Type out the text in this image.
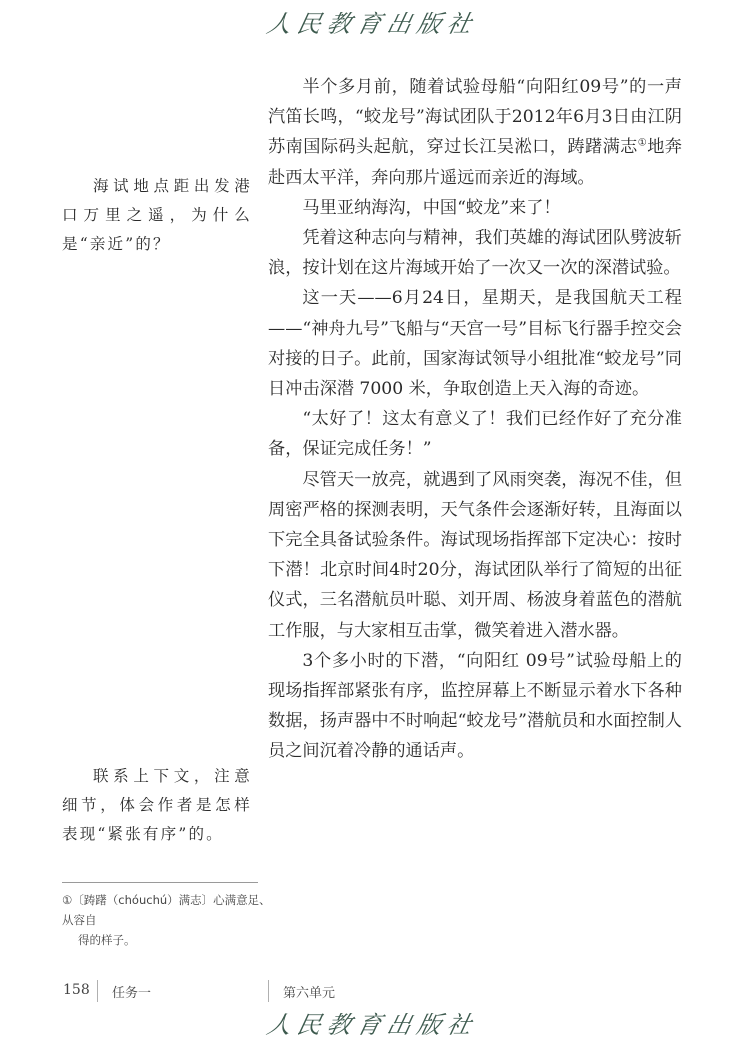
人民教育出版社

半个多月前，随着试验母船“向阳红09号”的一声汽笛长鸣，“蛟龙号”海试团队于2012年6月3日由江阴苏南国际码头起航，穿过长江吴淞口，踌躇满志①地奔赴西太平洋，奔向那片遥远而亲近的海域。

马里亚纳海沟，中国“蛟龙”来了！

凭着这种志向与精神，我们英雄的海试团队劈波斩浪，按计划在这片海域开始了一次又一次的深潜试验。

这一天——6月24日，星期天，是我国航天工程——“神舟九号”飞船与“天宫一号”目标飞行器手控交会对接的日子。此前，国家海试领导小组批准“蛟龙号”同日冲击深潜 7000 米，争取创造上天入海的奇迹。

“太好了！这太有意义了！我们已经作好了充分准备，保证完成任务！”

尽管天一放亮，就遇到了风雨突袭，海况不佳，但周密严格的探测表明，天气条件会逐渐好转，且海面以下完全具备试验条件。海试现场指挥部下定决心：按时下潜！北京时间4时20分，海试团队举行了简短的出征仪式，三名潜航员叶聪、刘开周、杨波身着蓝色的潜航工作服，与大家相互击掌，微笑着进入潜水器。

3个多小时的下潜，“向阳红 09号”试验母船上的现场指挥部紧张有序，监控屏幕上不断显示着水下各种数据，扬声器中不时响起“蛟龙号”潜航员和水面控制人员之间沉着冷静的通话声。

海试地点距出发港口万里之遥，为什么是“亲近”的？

联系上下文，注意细节，体会作者是怎样表现“紧张有序”的。

①〔踌躇（chóuchú）满志〕心满意足、从容自
得的样子。
158 任务一	第六单元
人民教育出版社
